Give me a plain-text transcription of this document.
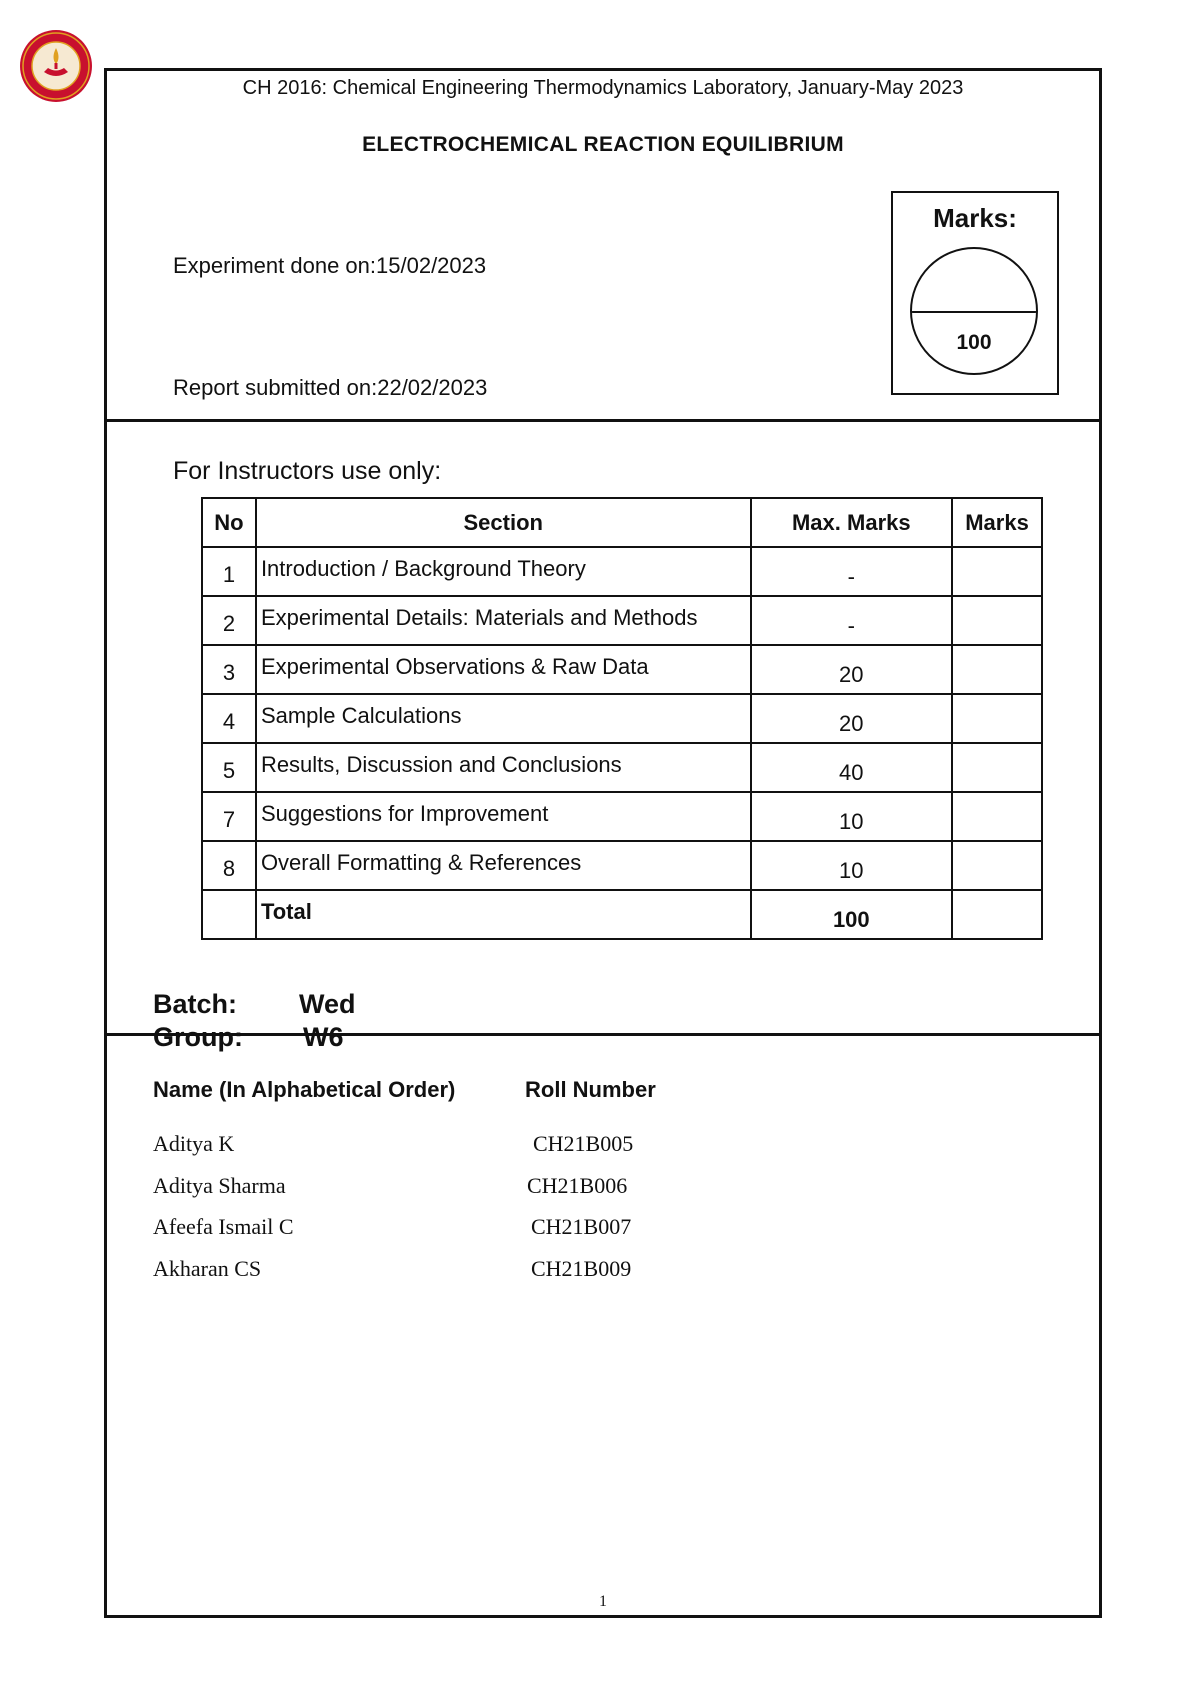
CH 2016: Chemical Engineering Thermodynamics Laboratory, January-May 2023
ELECTROCHEMICAL REACTION EQUILIBRIUM
Experiment done on:15/02/2023
Report submitted on:22/02/2023
Marks:
100
For Instructors use only:
No	Section	Max. Marks	Marks
1	Introduction / Background Theory	-	
2	Experimental Details: Materials and Methods	-	
3	Experimental Observations & Raw Data	20	
4	Sample Calculations	20	
5	Results, Discussion and Conclusions	40	
7	Suggestions for Improvement	10	
8	Overall Formatting & References	10	
	Total	100	
Batch: Wed
Group: W6
Name (In Alphabetical Order)	Roll Number
Aditya K	CH21B005
Aditya Sharma	CH21B006
Afeefa Ismail C	CH21B007
Akharan CS	CH21B009
1
